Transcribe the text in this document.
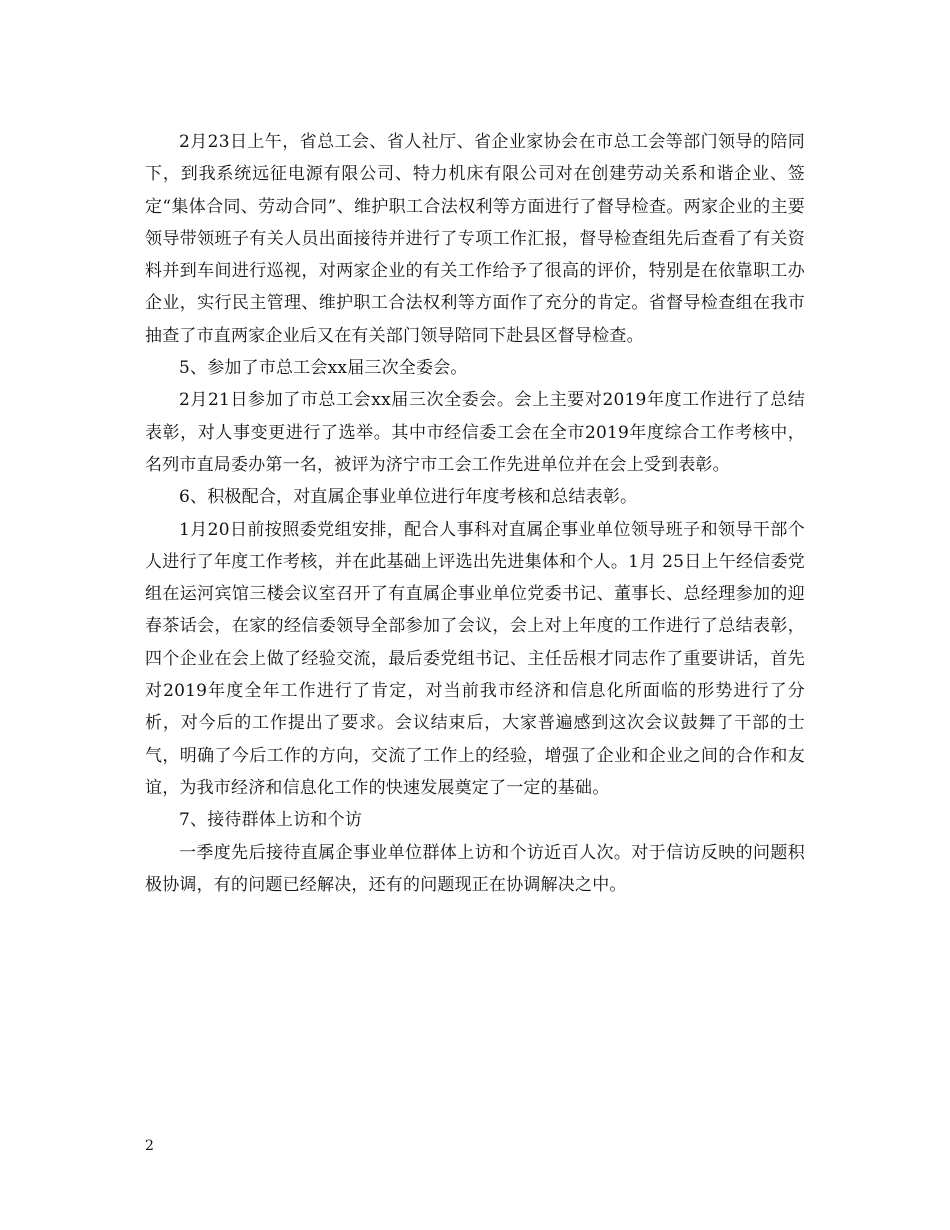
2月23日上午，省总工会、省人社厅、省企业家协会在市总工会等部门领导的陪同下，到我系统远征电源有限公司、特力机床有限公司对在创建劳动关系和谐企业、签定“集体合同、劳动合同”、维护职工合法权利等方面进行了督导检查。两家企业的主要领导带领班子有关人员出面接待并进行了专项工作汇报，督导检查组先后查看了有关资料并到车间进行巡视，对两家企业的有关工作给予了很高的评价，特别是在依靠职工办企业，实行民主管理、维护职工合法权利等方面作了充分的肯定。省督导检查组在我市抽查了市直两家企业后又在有关部门领导陪同下赴县区督导检查。

5、参加了市总工会xx届三次全委会。

2月21日参加了市总工会xx届三次全委会。会上主要对2019年度工作进行了总结表彰，对人事变更进行了选举。其中市经信委工会在全市2019年度综合工作考核中，名列市直局委办第一名，被评为济宁市工会工作先进单位并在会上受到表彰。

6、积极配合，对直属企事业单位进行年度考核和总结表彰。

1月20日前按照委党组安排，配合人事科对直属企事业单位领导班子和领导干部个人进行了年度工作考核，并在此基础上评选出先进集体和个人。1月 25日上午经信委党组在运河宾馆三楼会议室召开了有直属企事业单位党委书记、董事长、总经理参加的迎春茶话会，在家的经信委领导全部参加了会议，会上对上年度的工作进行了总结表彰，四个企业在会上做了经验交流，最后委党组书记、主任岳根才同志作了重要讲话，首先对2019年度全年工作进行了肯定，对当前我市经济和信息化所面临的形势进行了分析，对今后的工作提出了要求。会议结束后，大家普遍感到这次会议鼓舞了干部的士气，明确了今后工作的方向，交流了工作上的经验，增强了企业和企业之间的合作和友谊，为我市经济和信息化工作的快速发展奠定了一定的基础。

7、接待群体上访和个访

一季度先后接待直属企事业单位群体上访和个访近百人次。对于信访反映的问题积极协调，有的问题已经解决，还有的问题现正在协调解决之中。

2
